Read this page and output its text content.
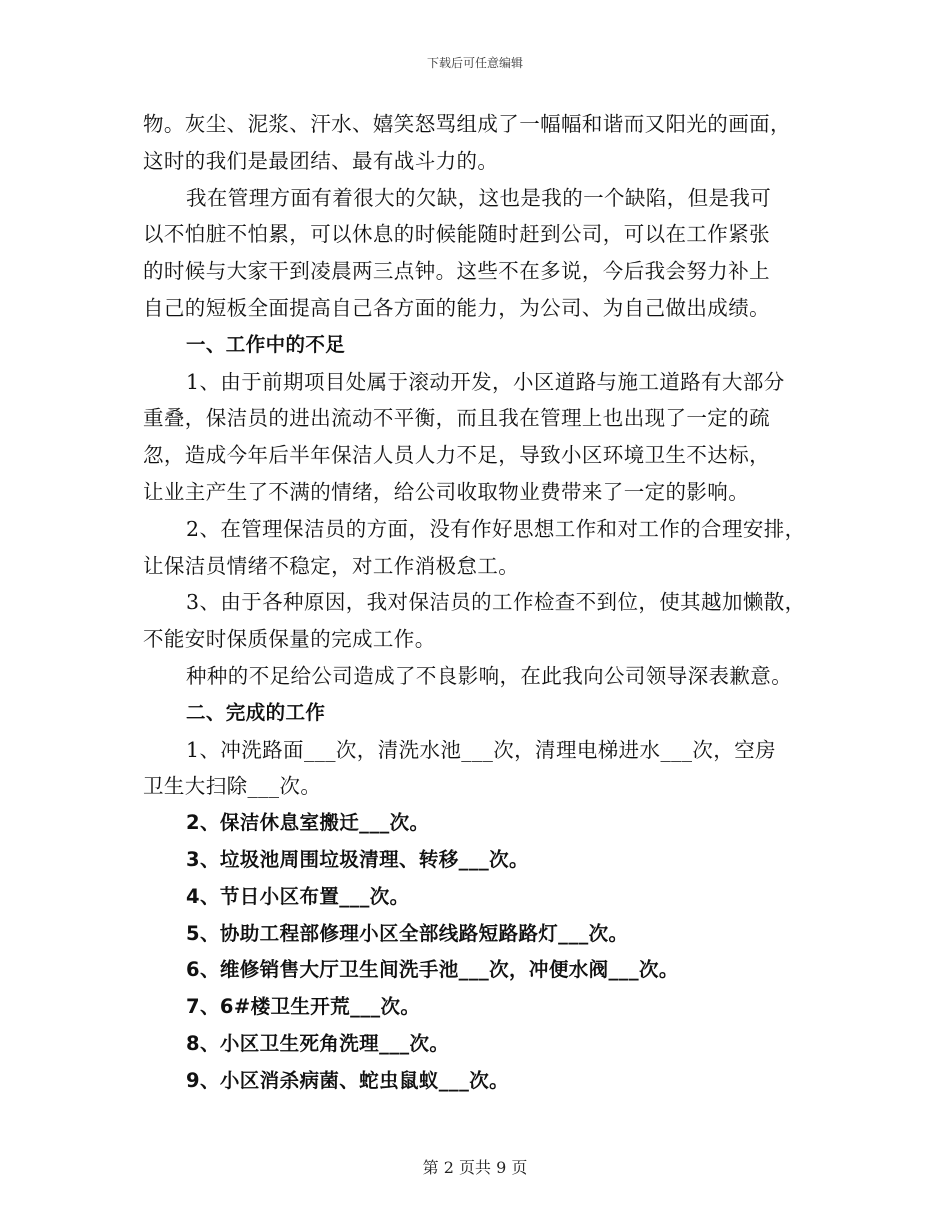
下载后可任意编辑
物。灰尘、泥浆、汗水、嬉笑怒骂组成了一幅幅和谐而又阳光的画面，
这时的我们是最团结、最有战斗力的。
我在管理方面有着很大的欠缺，这也是我的一个缺陷，但是我可
以不怕脏不怕累，可以休息的时候能随时赶到公司，可以在工作紧张
的时候与大家干到凌晨两三点钟。这些不在多说，今后我会努力补上
自己的短板全面提高自己各方面的能力，为公司、为自己做出成绩。
一、工作中的不足
1、由于前期项目处属于滚动开发，小区道路与施工道路有大部分
重叠，保洁员的进出流动不平衡，而且我在管理上也出现了一定的疏
忽，造成今年后半年保洁人员人力不足，导致小区环境卫生不达标，
让业主产生了不满的情绪，给公司收取物业费带来了一定的影响。
2、在管理保洁员的方面，没有作好思想工作和对工作的合理安排，
让保洁员情绪不稳定，对工作消极怠工。
3、由于各种原因，我对保洁员的工作检查不到位，使其越加懒散，
不能安时保质保量的完成工作。
种种的不足给公司造成了不良影响，在此我向公司领导深表歉意。
二、完成的工作
1、冲洗路面___次，清洗水池___次，清理电梯进水___次，空房
卫生大扫除___次。
2、保洁休息室搬迁___次。
3、垃圾池周围垃圾清理、转移___次。
4、节日小区布置___次。
5、协助工程部修理小区全部线路短路路灯___次。
6、维修销售大厅卫生间洗手池___次，冲便水阀___次。
7、6#楼卫生开荒___次。
8、小区卫生死角洗理___次。
9、小区消杀病菌、蛇虫鼠蚁___次。
第 2 页共 9 页
